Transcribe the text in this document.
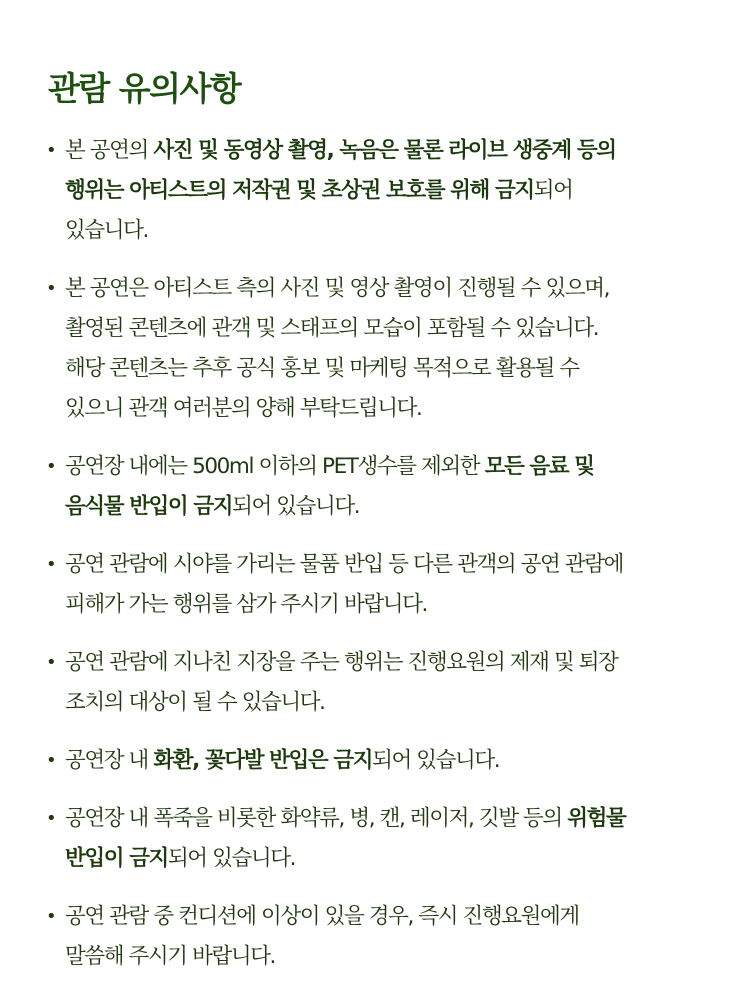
관람 유의사항
• 본 공연의 사진 및 동영상 촬영, 녹음은 물론 라이브 생중계 등의
행위는 아티스트의 저작권 및 초상권 보호를 위해 금지되어
있습니다.
• 본 공연은 아티스트 측의 사진 및 영상 촬영이 진행될 수 있으며,
촬영된 콘텐츠에 관객 및 스태프의 모습이 포함될 수 있습니다.
해당 콘텐츠는 추후 공식 홍보 및 마케팅 목적으로 활용될 수
있으니 관객 여러분의 양해 부탁드립니다.
• 공연장 내에는 500ml 이하의 PET생수를 제외한 모든 음료 및
음식물 반입이 금지되어 있습니다.
• 공연 관람에 시야를 가리는 물품 반입 등 다른 관객의 공연 관람에
피해가 가는 행위를 삼가 주시기 바랍니다.
• 공연 관람에 지나친 지장을 주는 행위는 진행요원의 제재 및 퇴장
조치의 대상이 될 수 있습니다.
• 공연장 내 화환, 꽃다발 반입은 금지되어 있습니다.
• 공연장 내 폭죽을 비롯한 화약류, 병, 캔, 레이저, 깃발 등의 위험물
반입이 금지되어 있습니다.
• 공연 관람 중 컨디션에 이상이 있을 경우, 즉시 진행요원에게
말씀해 주시기 바랍니다.
